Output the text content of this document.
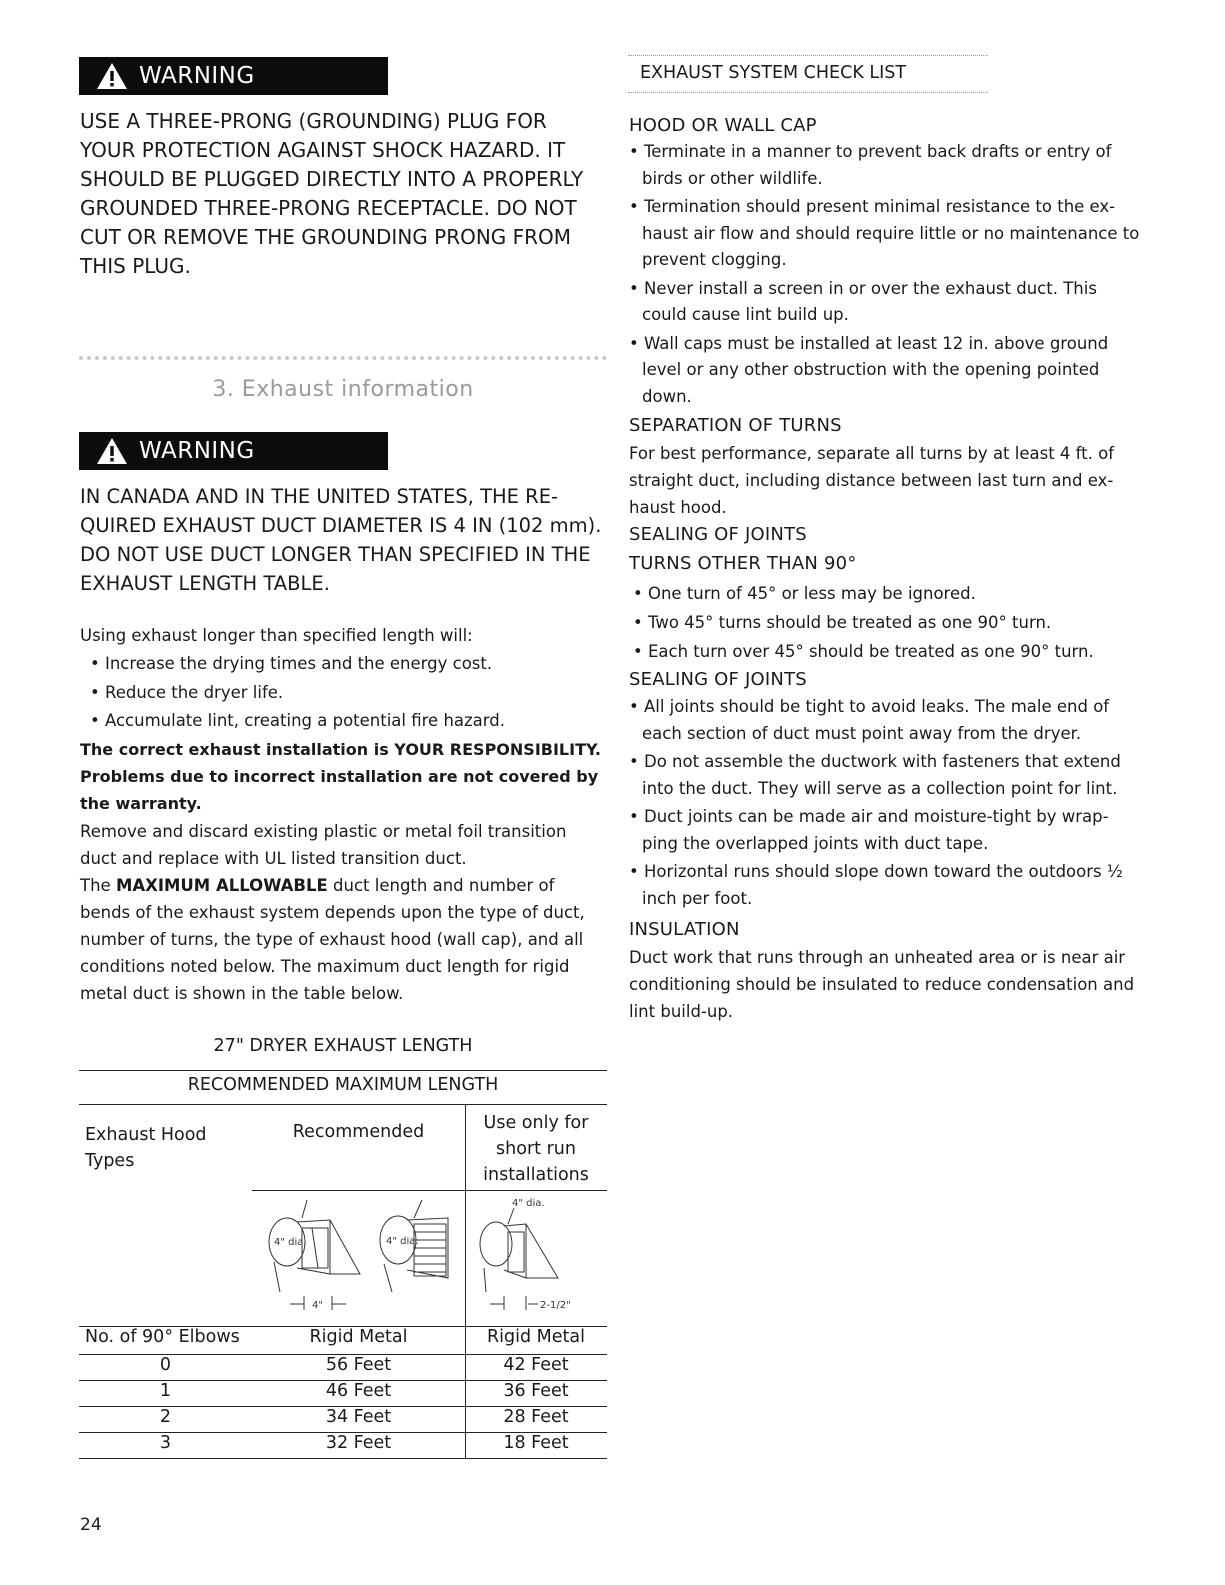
WARNING
USE A THREE-PRONG (GROUNDING) PLUG FOR YOUR PROTECTION AGAINST SHOCK HAZARD. IT SHOULD BE PLUGGED DIRECTLY INTO A PROPERLY GROUNDED THREE-PRONG RECEPTACLE. DO NOT CUT OR REMOVE THE GROUNDING PRONG FROM THIS PLUG.
3. Exhaust information
WARNING
IN CANADA AND IN THE UNITED STATES, THE RE-
QUIRED EXHAUST DUCT DIAMETER IS 4 IN (102 mm).
DO NOT USE DUCT LONGER THAN SPECIFIED IN THE
EXHAUST LENGTH TABLE.
Using exhaust longer than specified length will:
• Increase the drying times and the energy cost.
• Reduce the dryer life.
• Accumulate lint, creating a potential fire hazard.
The correct exhaust installation is YOUR RESPONSIBILITY.
Problems due to incorrect installation are not covered by
the warranty.
Remove and discard existing plastic or metal foil transition
duct and replace with UL listed transition duct.
The MAXIMUM ALLOWABLE duct length and number of
bends of the exhaust system depends upon the type of duct,
number of turns, the type of exhaust hood (wall cap), and all
conditions noted below. The maximum duct length for rigid
metal duct is shown in the table below.
27" DRYER EXHAUST LENGTH
RECOMMENDED MAXIMUM LENGTH
Exhaust Hood
Types
Recommended	Use only for
short run
installations
4" dia.	4" dia.
4"
4" dia.
2-1/2"
No. of 90° Elbows	Rigid Metal	Rigid Metal
0	56 Feet	42 Feet
1	46 Feet	36 Feet
2	34 Feet	28 Feet
3	32 Feet	18 Feet
24
EXHAUST SYSTEM CHECK LIST
HOOD OR WALL CAP
• Terminate in a manner to prevent back drafts or entry of
birds or other wildlife.
• Termination should present minimal resistance to the ex-
haust air flow and should require little or no maintenance to
prevent clogging.
• Never install a screen in or over the exhaust duct. This
could cause lint build up.
• Wall caps must be installed at least 12 in. above ground
level or any other obstruction with the opening pointed
down.
SEPARATION OF TURNS
For best performance, separate all turns by at least 4 ft. of
straight duct, including distance between last turn and ex-
haust hood.
SEALING OF JOINTS
TURNS OTHER THAN 90°
• One turn of 45° or less may be ignored.
• Two 45° turns should be treated as one 90° turn.
• Each turn over 45° should be treated as one 90° turn.
SEALING OF JOINTS
• All joints should be tight to avoid leaks. The male end of
each section of duct must point away from the dryer.
• Do not assemble the ductwork with fasteners that extend
into the duct. They will serve as a collection point for lint.
• Duct joints can be made air and moisture-tight by wrap-
ping the overlapped joints with duct tape.
• Horizontal runs should slope down toward the outdoors ½
inch per foot.
INSULATION
Duct work that runs through an unheated area or is near air
conditioning should be insulated to reduce condensation and
lint build-up.
